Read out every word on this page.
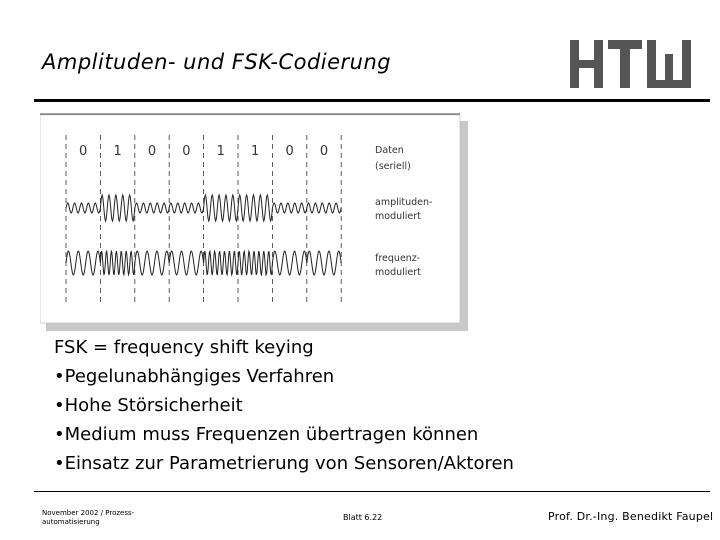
Amplituden- und FSK-Codierung
0 1 0 0 1 1 0 0	Daten
(seriell)
amplituden-
moduliert
frequenz-
moduliert
FSK = frequency shift keying
•Pegelunabhängiges Verfahren
•Hohe Störsicherheit
•Medium muss Frequenzen übertragen können
•Einsatz zur Parametrierung von Sensoren/Aktoren
November 2002 / Prozess-
automatisierung	Blatt 6.22	Prof. Dr.-Ing. Benedikt Faupel
